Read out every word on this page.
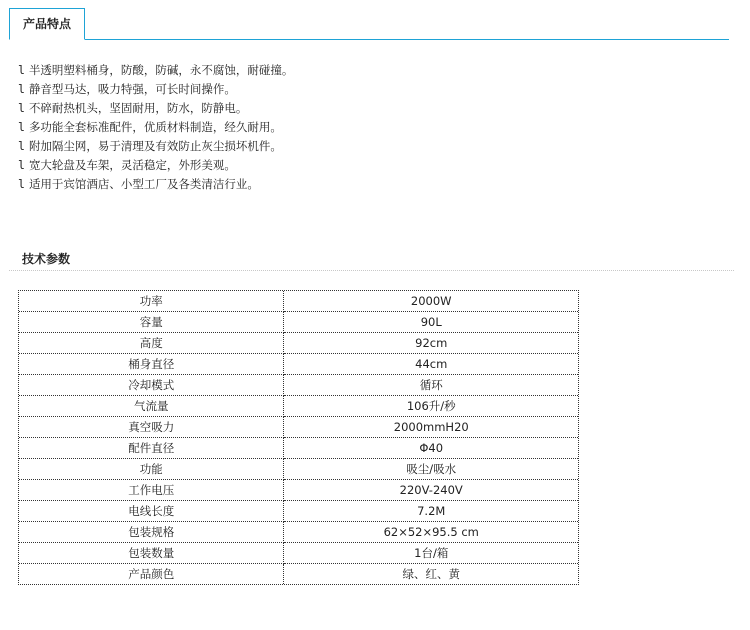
产品特点
l 半透明塑料桶身，防酸，防碱，永不腐蚀，耐碰撞。
l 静音型马达，吸力特强，可长时间操作。
l 不碎耐热机头，坚固耐用，防水，防静电。
l 多功能全套标准配件，优质材料制造，经久耐用。
l 附加隔尘网，易于清理及有效防止灰尘损坏机件。
l 宽大轮盘及车架，灵活稳定，外形美观。
l 适用于宾馆酒店、小型工厂及各类清洁行业。
技术参数
功率	2000W
容量	90L
高度	92cm
桶身直径	44cm
冷却模式	循环
气流量	106升/秒
真空吸力	2000mmH20
配件直径	Φ40
功能	吸尘/吸水
工作电压	220V-240V
电线长度	7.2M
包装规格	62×52×95.5 cm
包装数量	1台/箱
产品颜色	绿、红、黄
